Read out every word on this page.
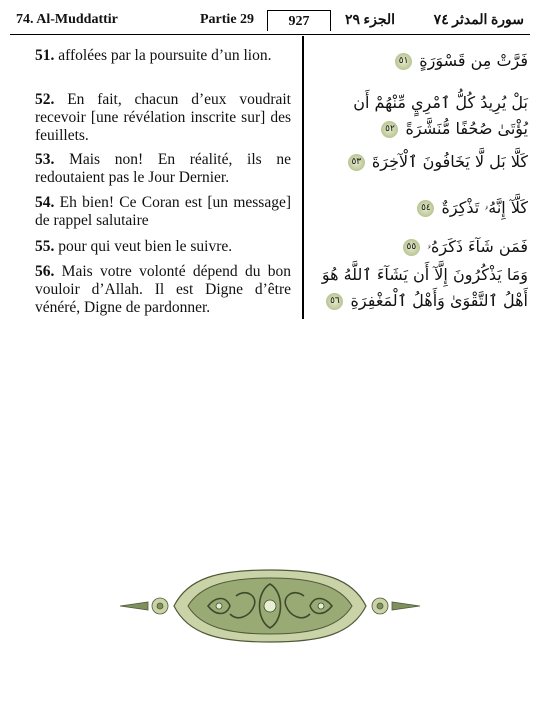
74. Al-Muddattir	Partie 29	927	الجزء ٢٩	سورة المدثر ٧٤
51. affolées par la poursuite d’un lion.	فَرَّتْ مِن قَسْوَرَةٍ ٥١
52. En fait, chacun d’eux voudrait recevoir [une révélation inscrite sur] des feuillets.
بَلْ يُرِيدُ كُلُّ ٱمْرِيٍ مِّنْهُمْ أَن يُؤْتَىٰ صُحُفًا مُّنَشَّرَةً ٥٢
53. Mais non! En réalité, ils ne redoutaient pas le Jour Dernier.
كَلَّا بَل لَّا يَخَافُونَ ٱلْآخِرَةَ ٥٣
54. Eh bien! Ce Coran est [un message] de rappel salutaire
كَلَّآ إِنَّهُۥ تَذْكِرَةٌ ٥٤
55. pour qui veut bien le suivre.	فَمَن شَآءَ ذَكَرَهُۥ ٥٥
56. Mais votre volonté dépend du bon vouloir d’Allah. Il est Digne d’être vénéré, Digne de pardonner.
وَمَا يَذْكُرُونَ إِلَّآ أَن يَشَآءَ ٱللَّهُ هُوَ أَهْلُ ٱلتَّقْوَىٰ وَأَهْلُ ٱلْمَغْفِرَةِ ٥٦
